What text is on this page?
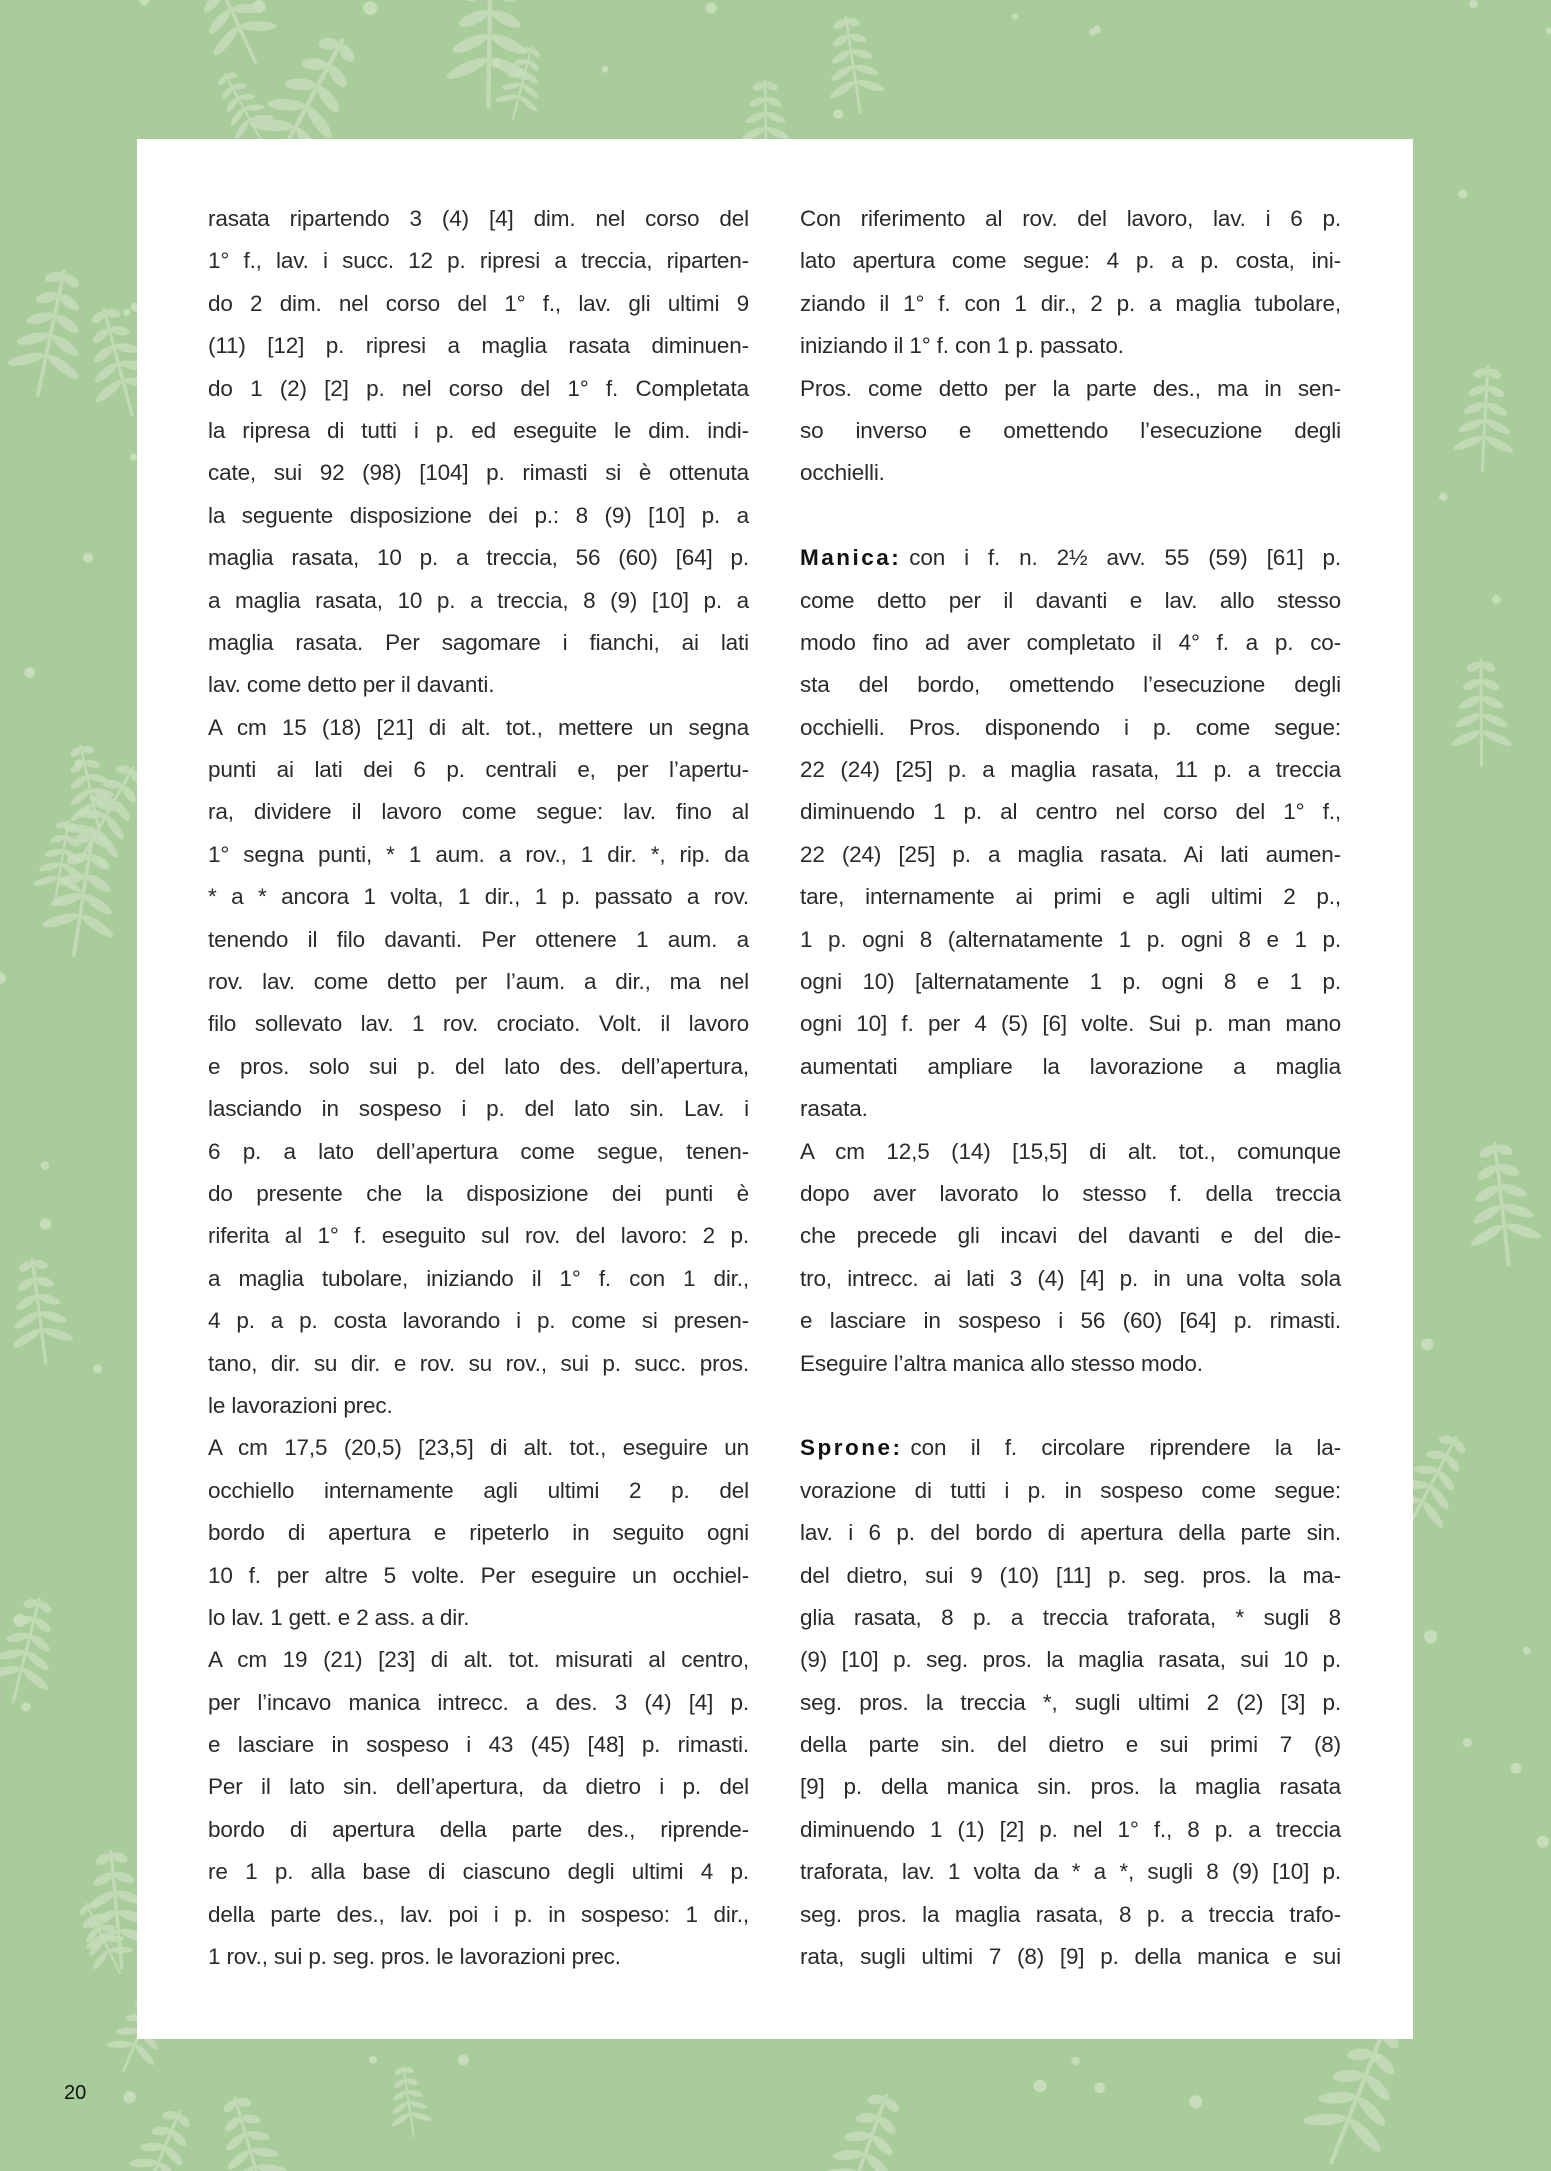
rasata ripartendo 3 (4) [4] dim. nel corso del
1° f., lav. i succ. 12 p. ripresi a treccia, riparten-
do 2 dim. nel corso del 1° f., lav. gli ultimi 9
(11) [12] p. ripresi a maglia rasata diminuen-
do 1 (2) [2] p. nel corso del 1° f. Completata
la ripresa di tutti i p. ed eseguite le dim. indi-
cate, sui 92 (98) [104] p. rimasti si è ottenuta
la seguente disposizione dei p.: 8 (9) [10] p. a
maglia rasata, 10 p. a treccia, 56 (60) [64] p.
a maglia rasata, 10 p. a treccia, 8 (9) [10] p. a
maglia rasata. Per sagomare i fianchi, ai lati
lav. come detto per il davanti.
A cm 15 (18) [21] di alt. tot., mettere un segna
punti ai lati dei 6 p. centrali e, per l’apertu-
ra, dividere il lavoro come segue: lav. fino al
1° segna punti, * 1 aum. a rov., 1 dir. *, rip. da
* a * ancora 1 volta, 1 dir., 1 p. passato a rov.
tenendo il filo davanti. Per ottenere 1 aum. a
rov. lav. come detto per l’aum. a dir., ma nel
filo sollevato lav. 1 rov. crociato. Volt. il lavoro
e pros. solo sui p. del lato des. dell’apertura,
lasciando in sospeso i p. del lato sin. Lav. i
6 p. a lato dell’apertura come segue, tenen-
do presente che la disposizione dei punti è
riferita al 1° f. eseguito sul rov. del lavoro: 2 p.
a maglia tubolare, iniziando il 1° f. con 1 dir.,
4 p. a p. costa lavorando i p. come si presen-
tano, dir. su dir. e rov. su rov., sui p. succ. pros.
le lavorazioni prec.
A cm 17,5 (20,5) [23,5] di alt. tot., eseguire un
occhiello internamente agli ultimi 2 p. del
bordo di apertura e ripeterlo in seguito ogni
10 f. per altre 5 volte. Per eseguire un occhiel-
lo lav. 1 gett. e 2 ass. a dir.
A cm 19 (21) [23] di alt. tot. misurati al centro,
per l’incavo manica intrecc. a des. 3 (4) [4] p.
e lasciare in sospeso i 43 (45) [48] p. rimasti.
Per il lato sin. dell’apertura, da dietro i p. del
bordo di apertura della parte des., riprende-
re 1 p. alla base di ciascuno degli ultimi 4 p.
della parte des., lav. poi i p. in sospeso: 1 dir.,
1 rov., sui p. seg. pros. le lavorazioni prec.
Con riferimento al rov. del lavoro, lav. i 6 p.
lato apertura come segue: 4 p. a p. costa, ini-
ziando il 1° f. con 1 dir., 2 p. a maglia tubolare,
iniziando il 1° f. con 1 p. passato.
Pros. come detto per la parte des., ma in sen-
so inverso e omettendo l’esecuzione degli
occhielli.
Manica: con i f. n. 2½ avv. 55 (59) [61] p.
come detto per il davanti e lav. allo stesso
modo fino ad aver completato il 4° f. a p. co-
sta del bordo, omettendo l’esecuzione degli
occhielli. Pros. disponendo i p. come segue:
22 (24) [25] p. a maglia rasata, 11 p. a treccia
diminuendo 1 p. al centro nel corso del 1° f.,
22 (24) [25] p. a maglia rasata. Ai lati aumen-
tare, internamente ai primi e agli ultimi 2 p.,
1 p. ogni 8 (alternatamente 1 p. ogni 8 e 1 p.
ogni 10) [alternatamente 1 p. ogni 8 e 1 p.
ogni 10] f. per 4 (5) [6] volte. Sui p. man mano
aumentati ampliare la lavorazione a maglia
rasata.
A cm 12,5 (14) [15,5] di alt. tot., comunque
dopo aver lavorato lo stesso f. della treccia
che precede gli incavi del davanti e del die-
tro, intrecc. ai lati 3 (4) [4] p. in una volta sola
e lasciare in sospeso i 56 (60) [64] p. rimasti.
Eseguire l’altra manica allo stesso modo.
Sprone: con il f. circolare riprendere la la-
vorazione di tutti i p. in sospeso come segue:
lav. i 6 p. del bordo di apertura della parte sin.
del dietro, sui 9 (10) [11] p. seg. pros. la ma-
glia rasata, 8 p. a treccia traforata, * sugli 8
(9) [10] p. seg. pros. la maglia rasata, sui 10 p.
seg. pros. la treccia *, sugli ultimi 2 (2) [3] p.
della parte sin. del dietro e sui primi 7 (8)
[9] p. della manica sin. pros. la maglia rasata
diminuendo 1 (1) [2] p. nel 1° f., 8 p. a treccia
traforata, lav. 1 volta da * a *, sugli 8 (9) [10] p.
seg. pros. la maglia rasata, 8 p. a treccia trafo-
rata, sugli ultimi 7 (8) [9] p. della manica e sui
20
